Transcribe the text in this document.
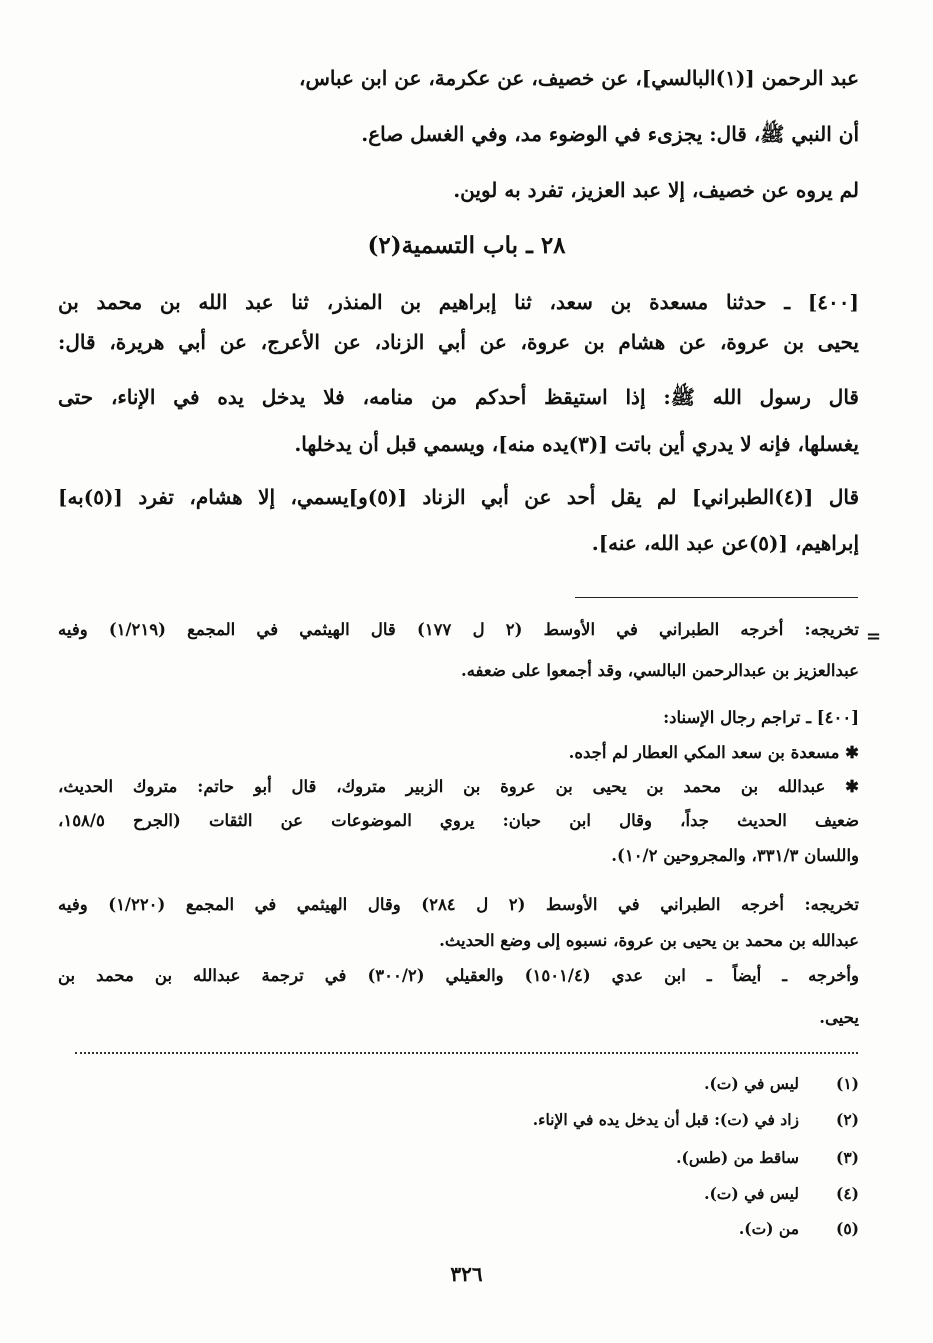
عبد الرحمن [(١)البالسي]، عن خصيف، عن عكرمة، عن ابن عباس،
أن النبي ﷺ، قال: يجزىء في الوضوء مد، وفي الغسل صاع.
لم يروه عن خصيف، إلا عبد العزيز، تفرد به لوين.
٢٨ ـ باب التسمية(٢)
[٤٠٠] ـ حدثنا مسعدة بن سعد، ثنا إبراهيم بن المنذر، ثنا عبد الله بن محمد بن
يحيى بن عروة، عن هشام بن عروة، عن أبي الزناد، عن الأعرج، عن أبي هريرة، قال:
قال رسول الله ﷺ: إذا استيقظ أحدكم من منامه، فلا يدخل يده في الإناء، حتى
يغسلها، فإنه لا يدري أين باتت [(٣)يده منه]، ويسمي قبل أن يدخلها.
قال [(٤)الطبراني] لم يقل أحد عن أبي الزناد [(٥)و]يسمي، إلا هشام، تفرد [(٥)به]
إبراهيم، [(٥)عن عبد الله، عنه].
=
تخريجه: أخرجه الطبراني في الأوسط (٢ ل ١٧٧) قال الهيثمي في المجمع (١/٢١٩) وفيه
عبدالعزيز بن عبدالرحمن البالسي، وقد أجمعوا على ضعفه.
[٤٠٠] ـ تراجم رجال الإسناد:
✱ مسعدة بن سعد المكي العطار لم أجده.
✱ عبدالله بن محمد بن يحيى بن عروة بن الزبير متروك، قال أبو حاتم: متروك الحديث،
ضعيف الحديث جداً، وقال ابن حبان: يروي الموضوعات عن الثقات (الجرح ١٥٨/٥،
واللسان ٣٣١/٣، والمجروحين ١٠/٢).
تخريجه: أخرجه الطبراني في الأوسط (٢ ل ٢٨٤) وقال الهيثمي في المجمع (١/٢٢٠) وفيه
عبدالله بن محمد بن يحيى بن عروة، نسبوه إلى وضع الحديث.
وأخرجه ـ أيضاً ـ ابن عدي (١٥٠١/٤) والعقيلي (٣٠٠/٢) في ترجمة عبدالله بن محمد بن
يحيى.
(١)ليس في (ت).
(٢)زاد في (ت): قبل أن يدخل يده في الإناء.
(٣)ساقط من (طس).
(٤)ليس في (ت).
(٥)من (ت).
٣٢٦
